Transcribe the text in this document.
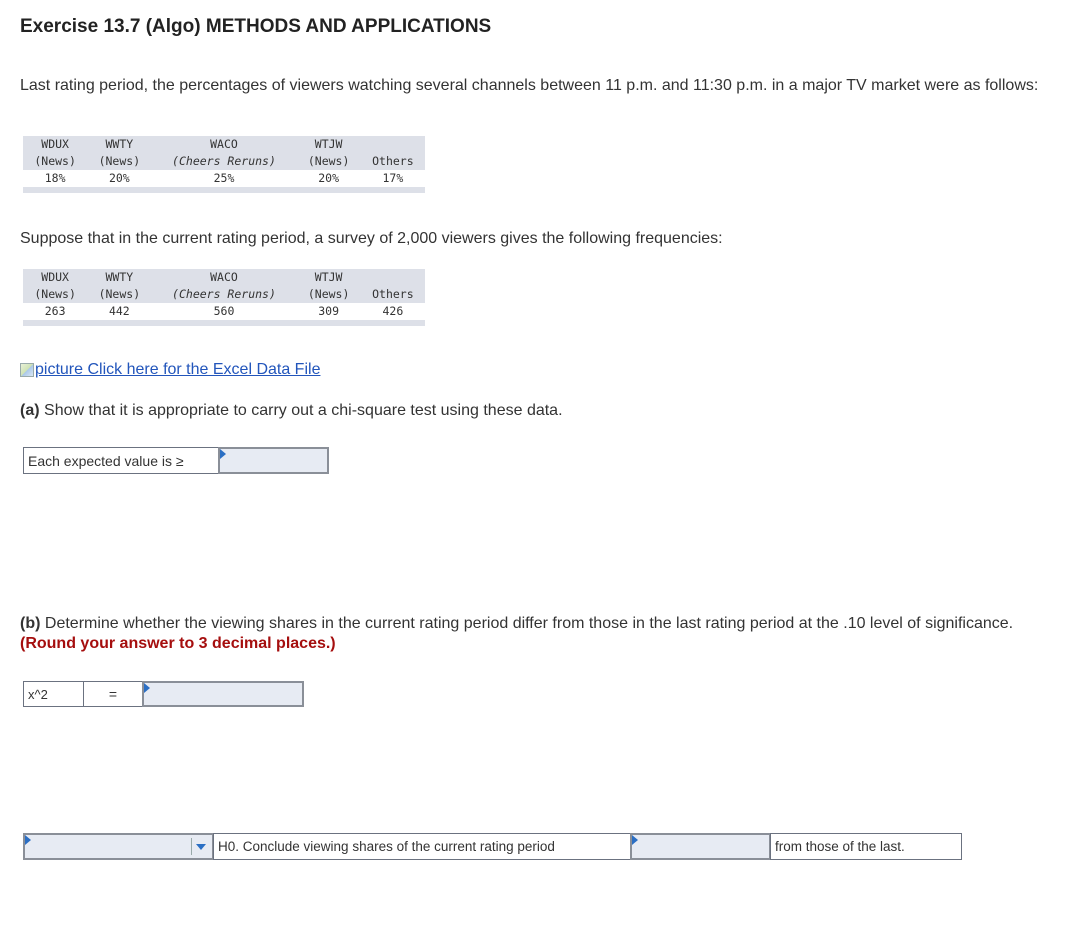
Exercise 13.7 (Algo) METHODS AND APPLICATIONS
Last rating period, the percentages of viewers watching several channels between 11 p.m. and 11:30 p.m. in a major TV market were as follows:
WDUX	WWTY	WACO	WTJW	
(News)	(News)	(Cheers Reruns)	(News)	Others
18%	20%	25%	20%	17%

Suppose that in the current rating period, a survey of 2,000 viewers gives the following frequencies:
WDUX	WWTY	WACO	WTJW	
(News)	(News)	(Cheers Reruns)	(News)	Others
263	442	560	309	426

picture
Click here for the Excel Data File
(a) Show that it is appropriate to carry out a chi-square test using these data.
Each expected value is ≥
(b) Determine whether the viewing shares in the current rating period differ from those in the last rating period at the .10 level of significance. (Round your answer to 3 decimal places.)
x^2	=
H0. Conclude viewing shares of the current rating period	from those of the last.
